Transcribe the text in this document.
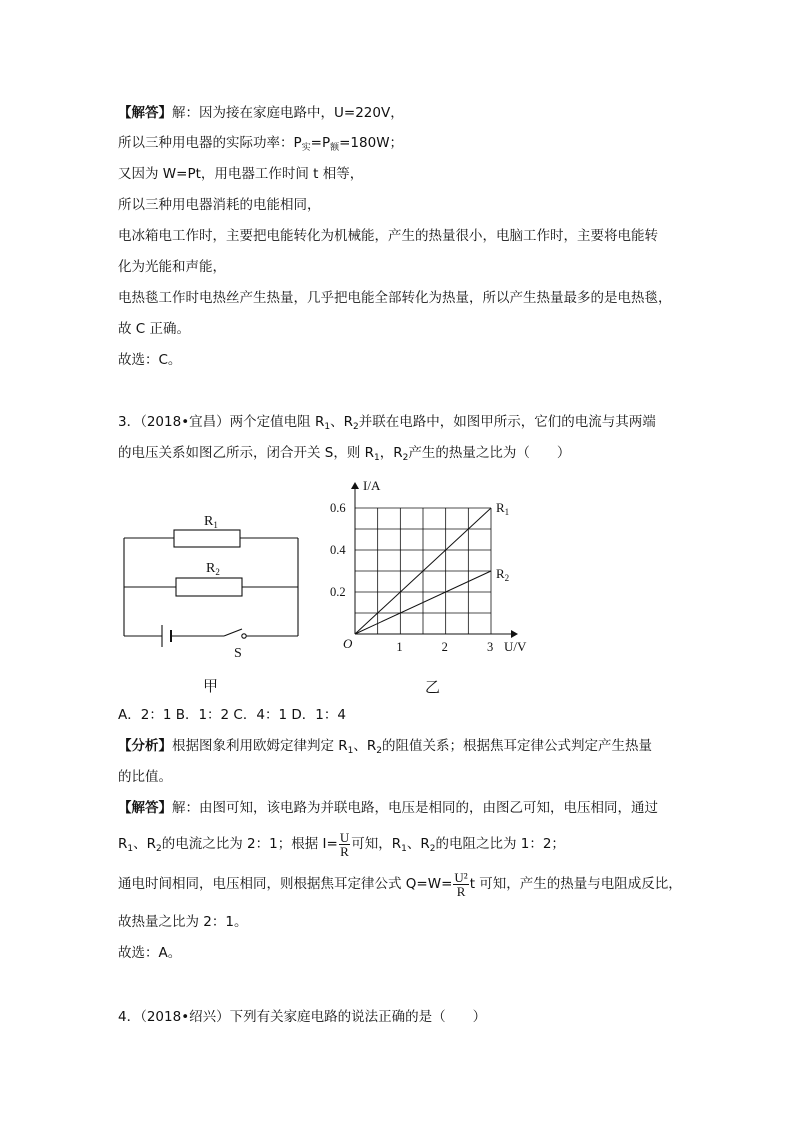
【解答】解：因为接在家庭电路中，U=220V，
所以三种用电器的实际功率：$P_实=P_额=180W$；
又因为 W=Pt，用电器工作时间 t 相等，
所以三种用电器消耗的电能相同，
电冰箱电工作时，主要把电能转化为机械能，产生的热量很小，电脑工作时，主要将电能转
化为光能和声能，
电热毯工作时电热丝产生热量，几乎把电能全部转化为热量，所以产生热量最多的是电热毯，
故 C 正确。
故选：C。
3．（2018•宜昌）两个定值电阻 $R_1$、$R_2$并联在电路中，如图甲所示，它们的电流与其两端
的电压关系如图乙所示，闭合开关 S，则 $R_1$，$R_2$产生的热量之比为（　　）
$R_1$
$R_2$
S
甲
$R_1$
$R_2$
1	2	3
0.2
0.4
0.6
I/A
U/V
O
乙
A．2：1 B．1：2 C．4：1 D．1：4
【分析】根据图象利用欧姆定律判定 $R_1$、$R_2$的阻值关系；根据焦耳定律公式判定产生热量
的比值。
【解答】解：由图可知，该电路为并联电路，电压是相同的，由图乙可知，电压相同，通过
$R_1$、$R_2$的电流之比为 2：1；根据 $I= \frac{U}{R}$ 可知，$R_1$、$R_2$的电阻之比为 1：2；
通电时间相同，电压相同，则根据焦耳定律公式 $Q=W= \frac{\text{U²}}{R}$ t 可知，产生的热量与电阻成反比，
故热量之比为 2：1。
故选：A。
4．（2018•绍兴）下列有关家庭电路的说法正确的是（　　）
